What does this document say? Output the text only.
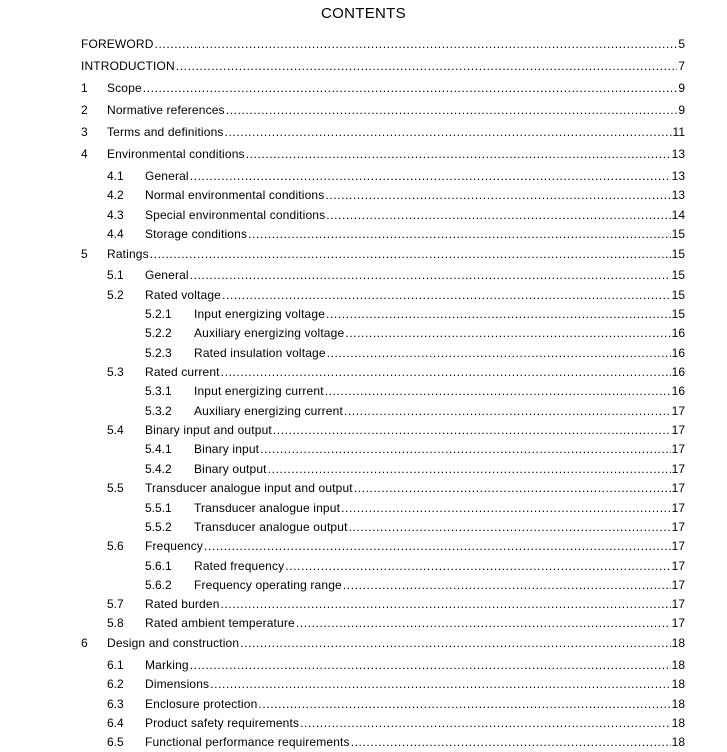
CONTENTS
FOREWORD .....	5
INTRODUCTION .....	7
1	Scope .....	9
2	Normative references .....	9
3	Terms and definitions .....	11
4	Environmental conditions .....	13
4.1	General .....	13
4.2	Normal environmental conditions .....	13
4.3	Special environmental conditions .....	14
4.4	Storage conditions .....	15
5	Ratings .....	15
5.1	General .....	15
5.2	Rated voltage .....	15
5.2.1	Input energizing voltage .....	15
5.2.2	Auxiliary energizing voltage .....	16
5.2.3	Rated insulation voltage .....	16
5.3	Rated current .....	16
5.3.1	Input energizing current .....	16
5.3.2	Auxiliary energizing current .....	17
5.4	Binary input and output .....	17
5.4.1	Binary input .....	17
5.4.2	Binary output .....	17
5.5	Transducer analogue input and output .....	17
5.5.1	Transducer analogue input .....	17
5.5.2	Transducer analogue output .....	17
5.6	Frequency .....	17
5.6.1	Rated frequency .....	17
5.6.2	Frequency operating range .....	17
5.7	Rated burden .....	17
5.8	Rated ambient temperature .....	17
6	Design and construction .....	18
6.1	Marking .....	18
6.2	Dimensions .....	18
6.3	Enclosure protection .....	18
6.4	Product safety requirements .....	18
6.5	Functional performance requirements .....	18
